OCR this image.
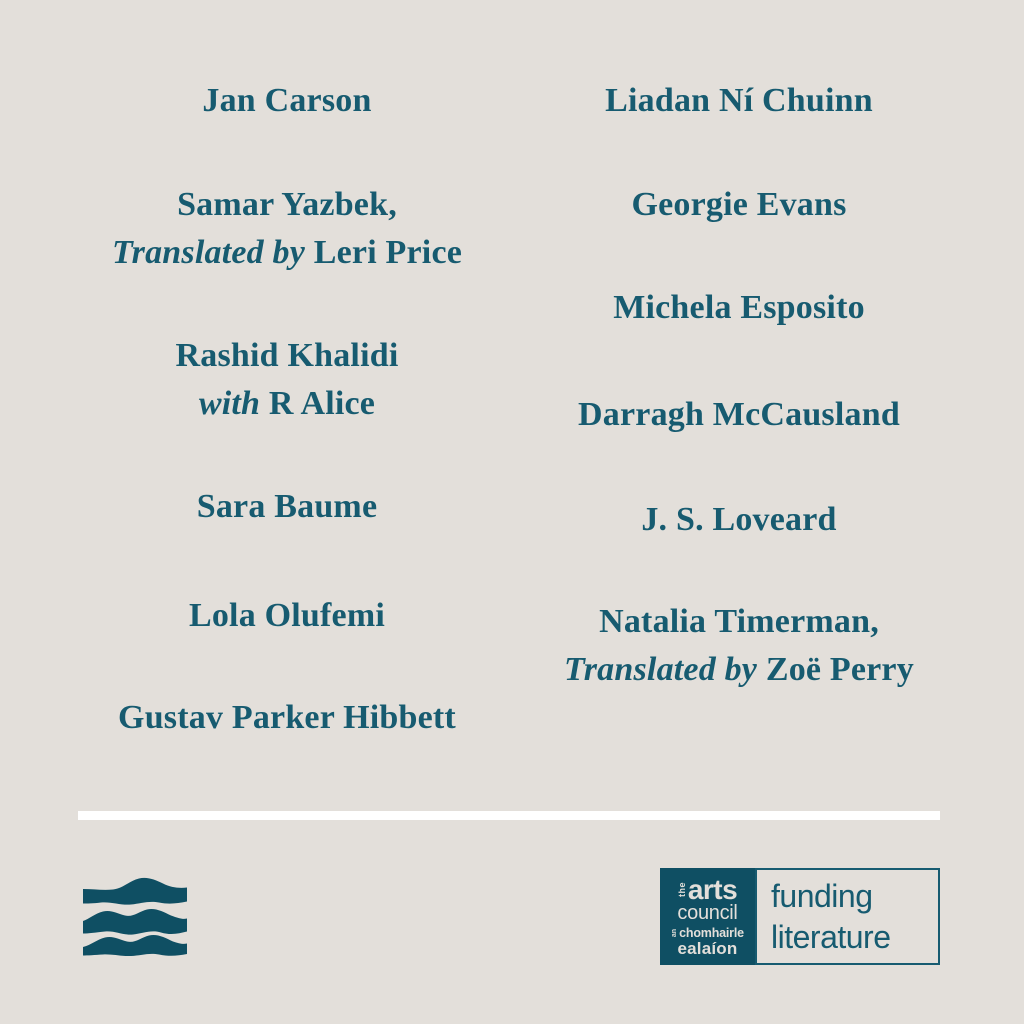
Jan Carson
Samar Yazbek,
Translated by Leri Price
Rashid Khalidi
with R Alice
Sara Baume
Lola Olufemi
Gustav Parker Hibbett
Liadan Ní Chuinn
Georgie Evans
Michela Esposito
Darragh McCausland
J. S. Loveard
Natalia Timerman,
Translated by Zoë Perry
the arts
council
an chomhairle
ealaíon
funding
literature
